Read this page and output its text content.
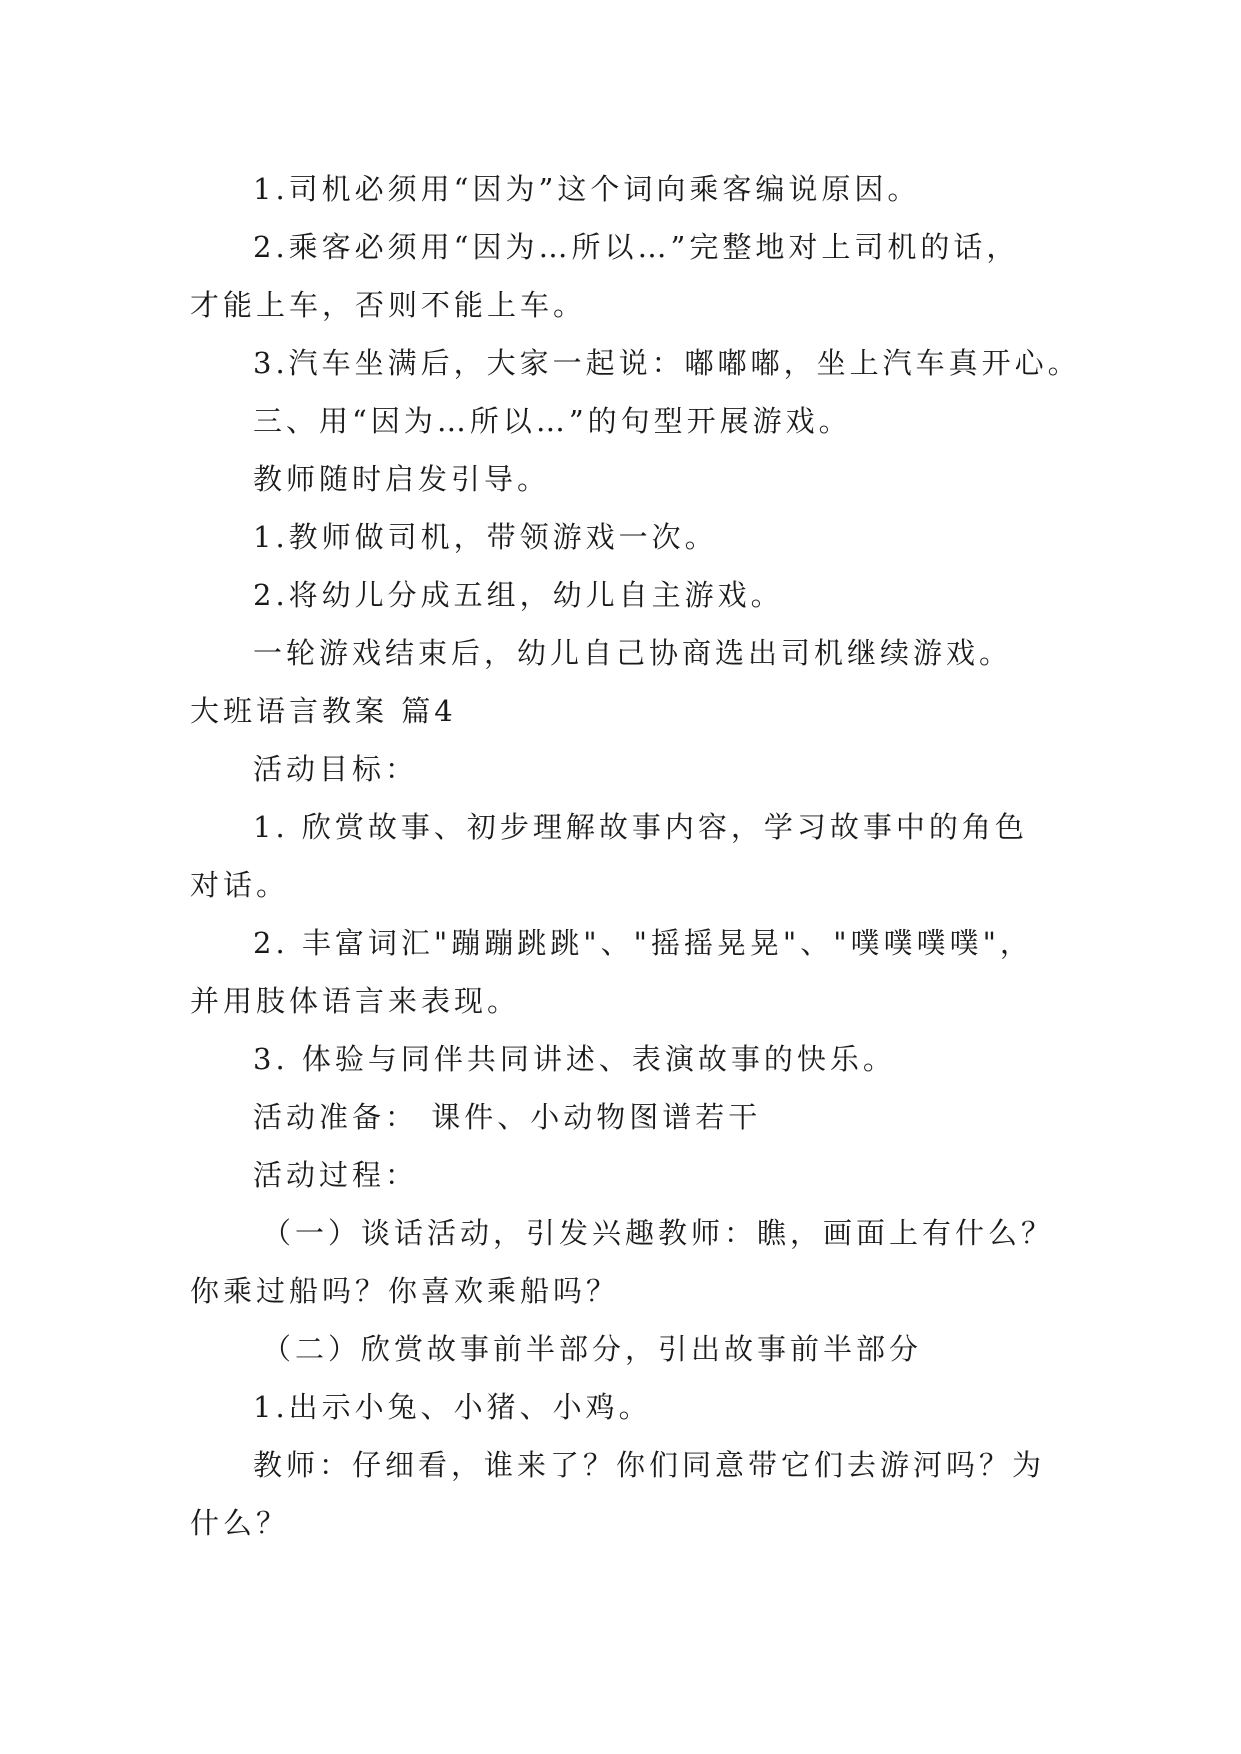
1.司机必须用“因为”这个词向乘客编说原因。
2.乘客必须用“因为…所以…”完整地对上司机的话，
才能上车，否则不能上车。
3.汽车坐满后，大家一起说：嘟嘟嘟，坐上汽车真开心。
三、用“因为…所以…”的句型开展游戏。
教师随时启发引导。
1.教师做司机，带领游戏一次。
2.将幼儿分成五组，幼儿自主游戏。
一轮游戏结束后，幼儿自己协商选出司机继续游戏。
大班语言教案 篇4
活动目标：
1. 欣赏故事、初步理解故事内容，学习故事中的角色
对话。
2. 丰富词汇"蹦蹦跳跳"、"摇摇晃晃"、"噗噗噗噗"，
并用肢体语言来表现。
3. 体验与同伴共同讲述、表演故事的快乐。
活动准备： 课件、小动物图谱若干
活动过程：
（一）谈话活动，引发兴趣教师：瞧，画面上有什么？
你乘过船吗？你喜欢乘船吗？
（二）欣赏故事前半部分，引出故事前半部分
1.出示小兔、小猪、小鸡。
教师：仔细看，谁来了？你们同意带它们去游河吗？为
什么？
